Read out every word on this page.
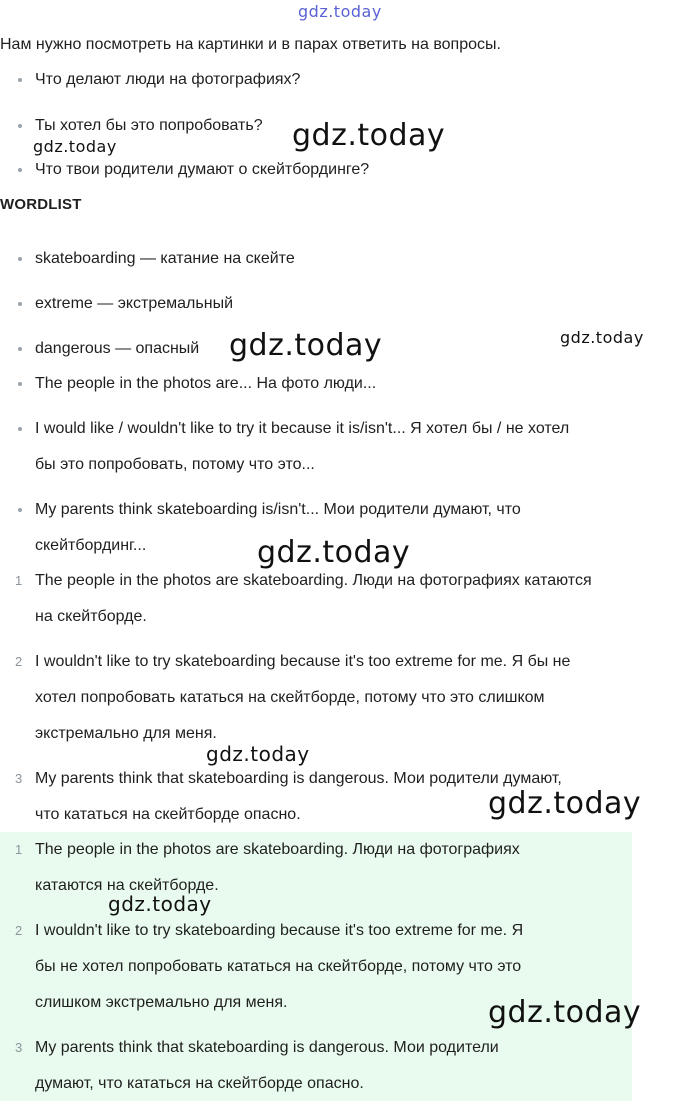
gdz.today
Нам нужно посмотреть на картинки и в парах ответить на вопросы.
Что делают люди на фотографиях?
Ты хотел бы это попробовать?
Что твои родители думают о скейтбординге?
WORDLIST
skateboarding — катание на скейте
extreme — экстремальный
dangerous — опасный
The people in the photos are... На фото люди...
I would like / wouldn't like to try it because it is/isn't... Я хотел бы / не хотел
бы это попробовать, потому что это...
My parents think skateboarding is/isn't... Мои родители думают, что
скейтбординг...
1 The people in the photos are skateboarding. Люди на фотографиях катаются
на скейтборде.
2 I wouldn't like to try skateboarding because it's too extreme for me. Я бы не
хотел попробовать кататься на скейтборде, потому что это слишком
экстремально для меня.
3 My parents think that skateboarding is dangerous. Мои родители думают,
что кататься на скейтборде опасно.
1 The people in the photos are skateboarding. Люди на фотографиях
катаются на скейтборде.
2 I wouldn't like to try skateboarding because it's too extreme for me. Я
бы не хотел попробовать кататься на скейтборде, потому что это
слишком экстремально для меня.
3 My parents think that skateboarding is dangerous. Мои родители
думают, что кататься на скейтборде опасно.
gdz.today
gdz.today
gdz.today	gdz.today
gdz.today
gdz.today
gdz.today
gdz.today
gdz.today
